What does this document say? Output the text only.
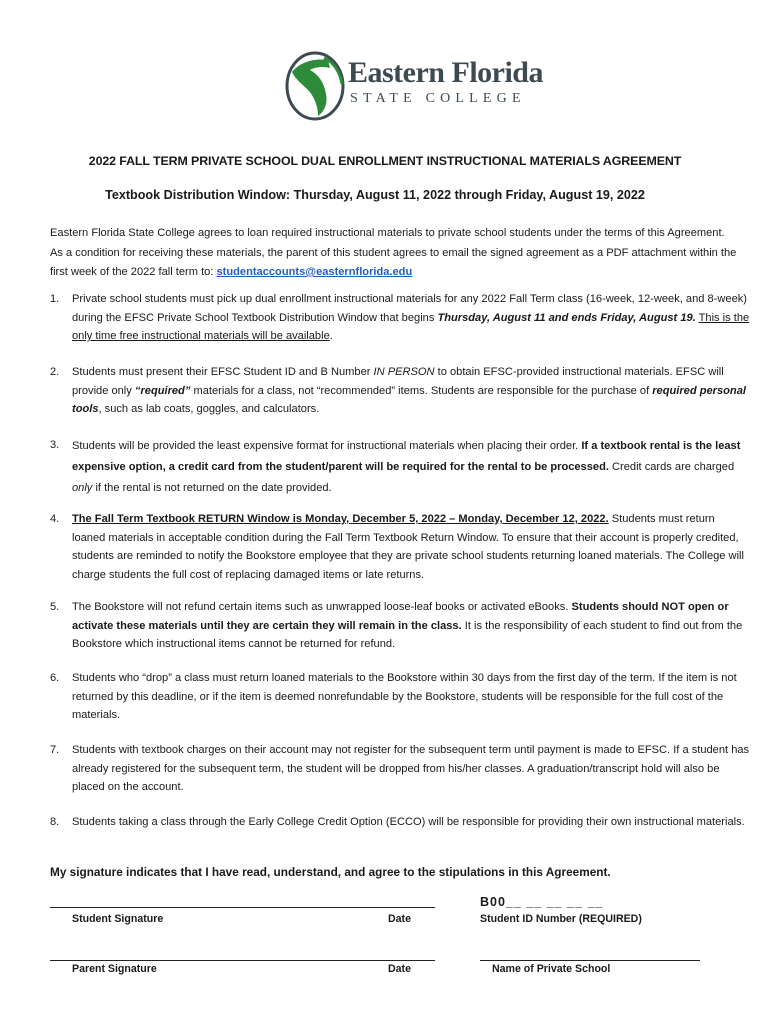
Eastern Florida
STATE COLLEGE
2022 FALL TERM PRIVATE SCHOOL DUAL ENROLLMENT INSTRUCTIONAL MATERIALS AGREEMENT
Textbook Distribution Window: Thursday, August 11, 2022 through Friday, August 19, 2022
Eastern Florida State College agrees to loan required instructional materials to private school students under the terms of this Agreement. As a condition for receiving these materials, the parent of this student agrees to email the signed agreement as a PDF attachment within the first week of the 2022 fall term to: studentaccounts@easternflorida.edu
1.	Private school students must pick up dual enrollment instructional materials for any 2022 Fall Term class (16-week, 12-week, and 8-week) during the EFSC Private School Textbook Distribution Window that begins Thursday, August 11 and ends Friday, August 19. This is the only time free instructional materials will be available.
2.	Students must present their EFSC Student ID and B Number IN PERSON to obtain EFSC-provided instructional materials. EFSC will provide only “required” materials for a class, not “recommended” items. Students are responsible for the purchase of required personal tools, such as lab coats, goggles, and calculators.
3.	Students will be provided the least expensive format for instructional materials when placing their order. If a textbook rental is the least expensive option, a credit card from the student/parent will be required for the rental to be processed. Credit cards are charged only if the rental is not returned on the date provided.
4.	The Fall Term Textbook RETURN Window is Monday, December 5, 2022 – Monday, December 12, 2022. Students must return loaned materials in acceptable condition during the Fall Term Textbook Return Window. To ensure that their account is properly credited, students are reminded to notify the Bookstore employee that they are private school students returning loaned materials. The College will charge students the full cost of replacing damaged items or late returns.
5.	The Bookstore will not refund certain items such as unwrapped loose-leaf books or activated eBooks. Students should NOT open or activate these materials until they are certain they will remain in the class. It is the responsibility of each student to find out from the Bookstore which instructional items cannot be returned for refund.
6.	Students who “drop” a class must return loaned materials to the Bookstore within 30 days from the first day of the term. If the item is not returned by this deadline, or if the item is deemed nonrefundable by the Bookstore, students will be responsible for the full cost of the materials.
7.	Students with textbook charges on their account may not register for the subsequent term until payment is made to EFSC. If a student has already registered for the subsequent term, the student will be dropped from his/her classes. A graduation/transcript hold will also be placed on the account.
8.	Students taking a class through the Early College Credit Option (ECCO) will be responsible for providing their own instructional materials.
My signature indicates that I have read, understand, and agree to the stipulations in this Agreement.
Student Signature	Date
B00__ __ __ __ __
Student ID Number (REQUIRED)
Parent Signature	Date	Name of Private School
